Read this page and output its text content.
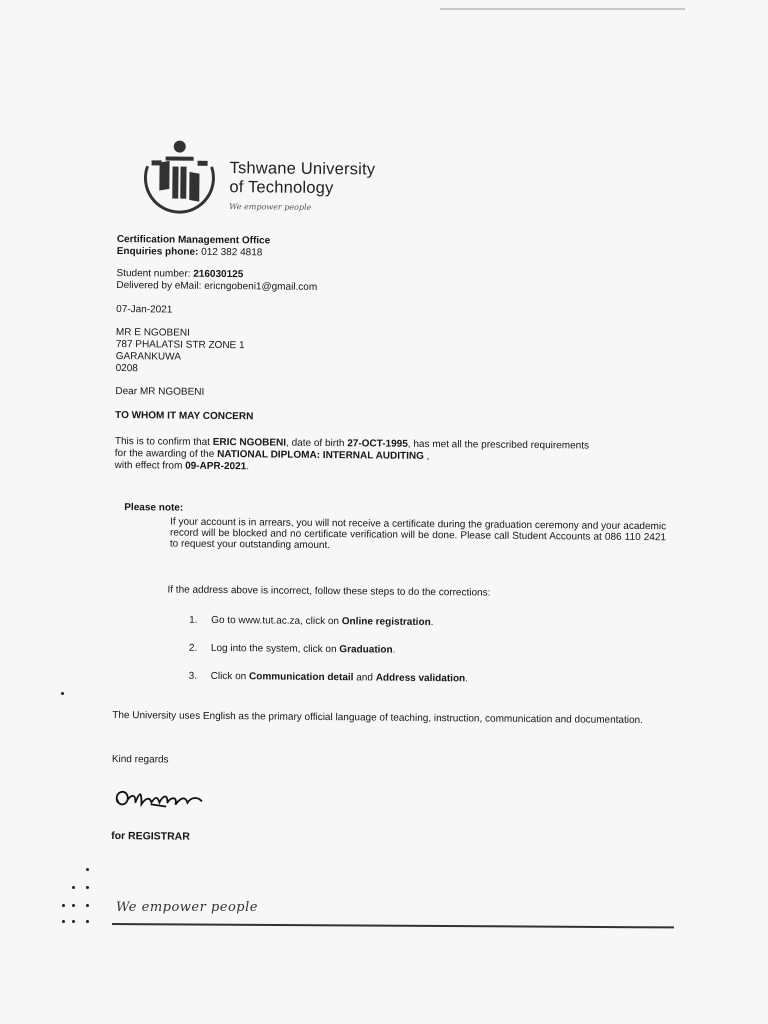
Tshwane University
of Technology
We empower people
Certification Management Office
Enquiries phone: 012 382 4818
Student number: 216030125
Delivered by eMail: ericngobeni1@gmail.com
07-Jan-2021
MR E NGOBENI
787 PHALATSI STR ZONE 1
GARANKUWA
0208
Dear MR NGOBENI
TO WHOM IT MAY CONCERN
This is to confirm that ERIC NGOBENI, date of birth 27-OCT-1995, has met all the prescribed requirements
for the awarding of the NATIONAL DIPLOMA: INTERNAL AUDITING ,
with effect from 09-APR-2021.
Please note:
If your account is in arrears, you will not receive a certificate during the graduation ceremony and your academic record will be blocked and no certificate verification will be done. Please call Student Accounts at 086 110 2421 to request your outstanding amount.
If the address above is incorrect, follow these steps to do the corrections:
1. Go to www.tut.ac.za, click on Online registration.
2. Log into the system, click on Graduation.
3. Click on Communication detail and Address validation.
The University uses English as the primary official language of teaching, instruction, communication and documentation.
Kind regards
for REGISTRAR
We empower people
